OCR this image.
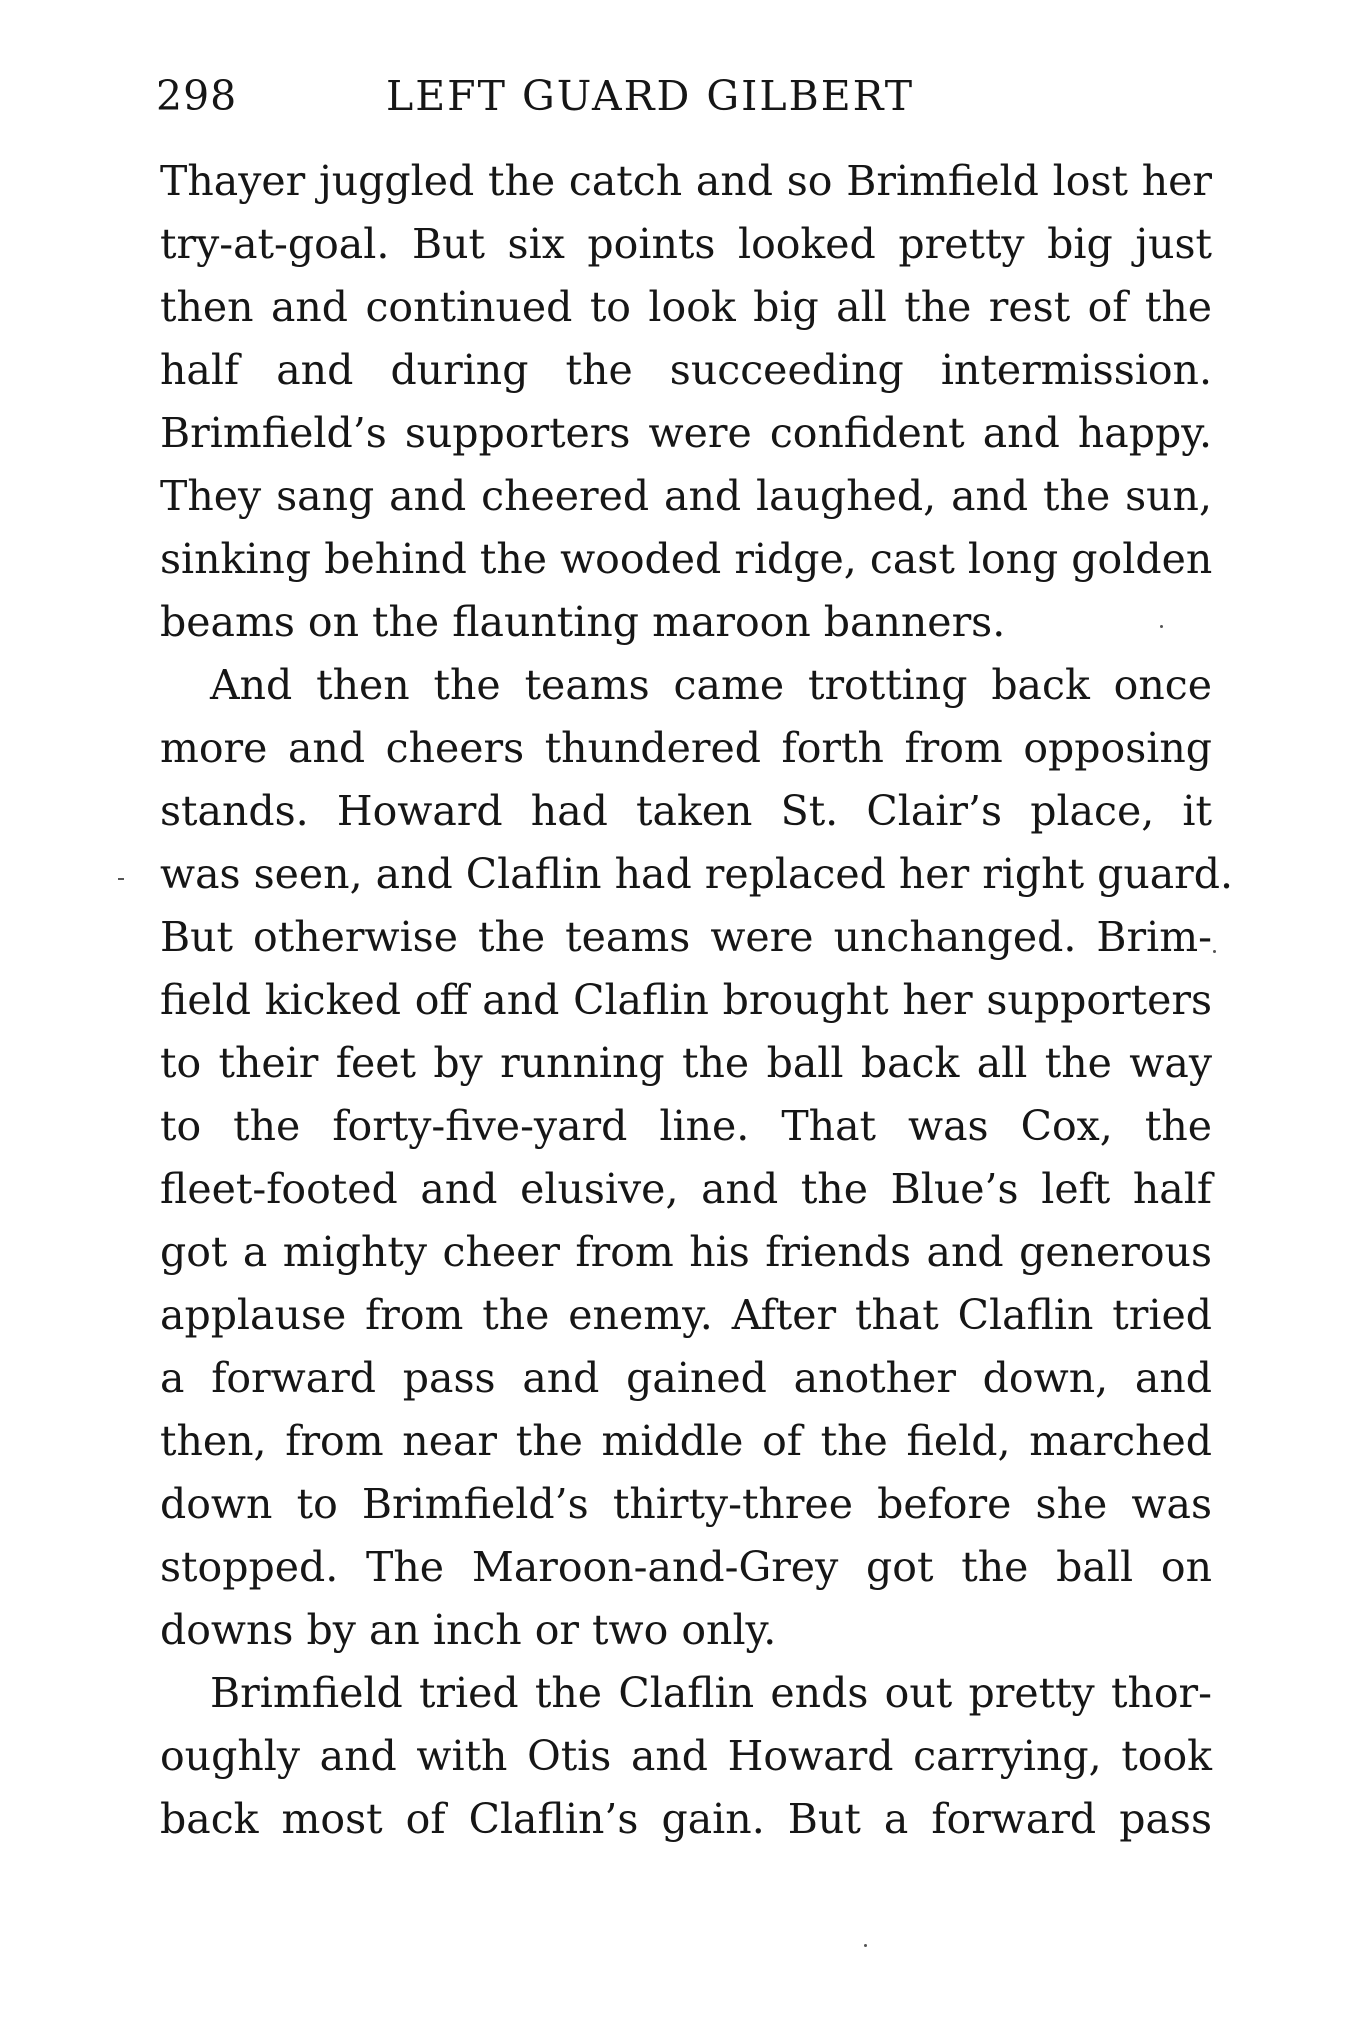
298	LEFT GUARD GILBERT
Thayer juggled the catch and so Brimfield lost her
try-at-goal. But six points looked pretty big just
then and continued to look big all the rest of the
half and during the succeeding intermission.
Brimfield’s supporters were confident and happy.
They sang and cheered and laughed, and the sun,
sinking behind the wooded ridge, cast long golden
beams on the flaunting maroon banners.
And then the teams came trotting back once
more and cheers thundered forth from opposing
stands. Howard had taken St. Clair’s place, it
was seen, and Claflin had replaced her right guard.
But otherwise the teams were unchanged. Brim-
field kicked off and Claflin brought her supporters
to their feet by running the ball back all the way
to the forty-five-yard line. That was Cox, the
fleet-footed and elusive, and the Blue’s left half
got a mighty cheer from his friends and generous
applause from the enemy. After that Claflin tried
a forward pass and gained another down, and
then, from near the middle of the field, marched
down to Brimfield’s thirty-three before she was
stopped. The Maroon-and-Grey got the ball on
downs by an inch or two only.
Brimfield tried the Claflin ends out pretty thor-
oughly and with Otis and Howard carrying, took
back most of Claflin’s gain. But a forward pass
